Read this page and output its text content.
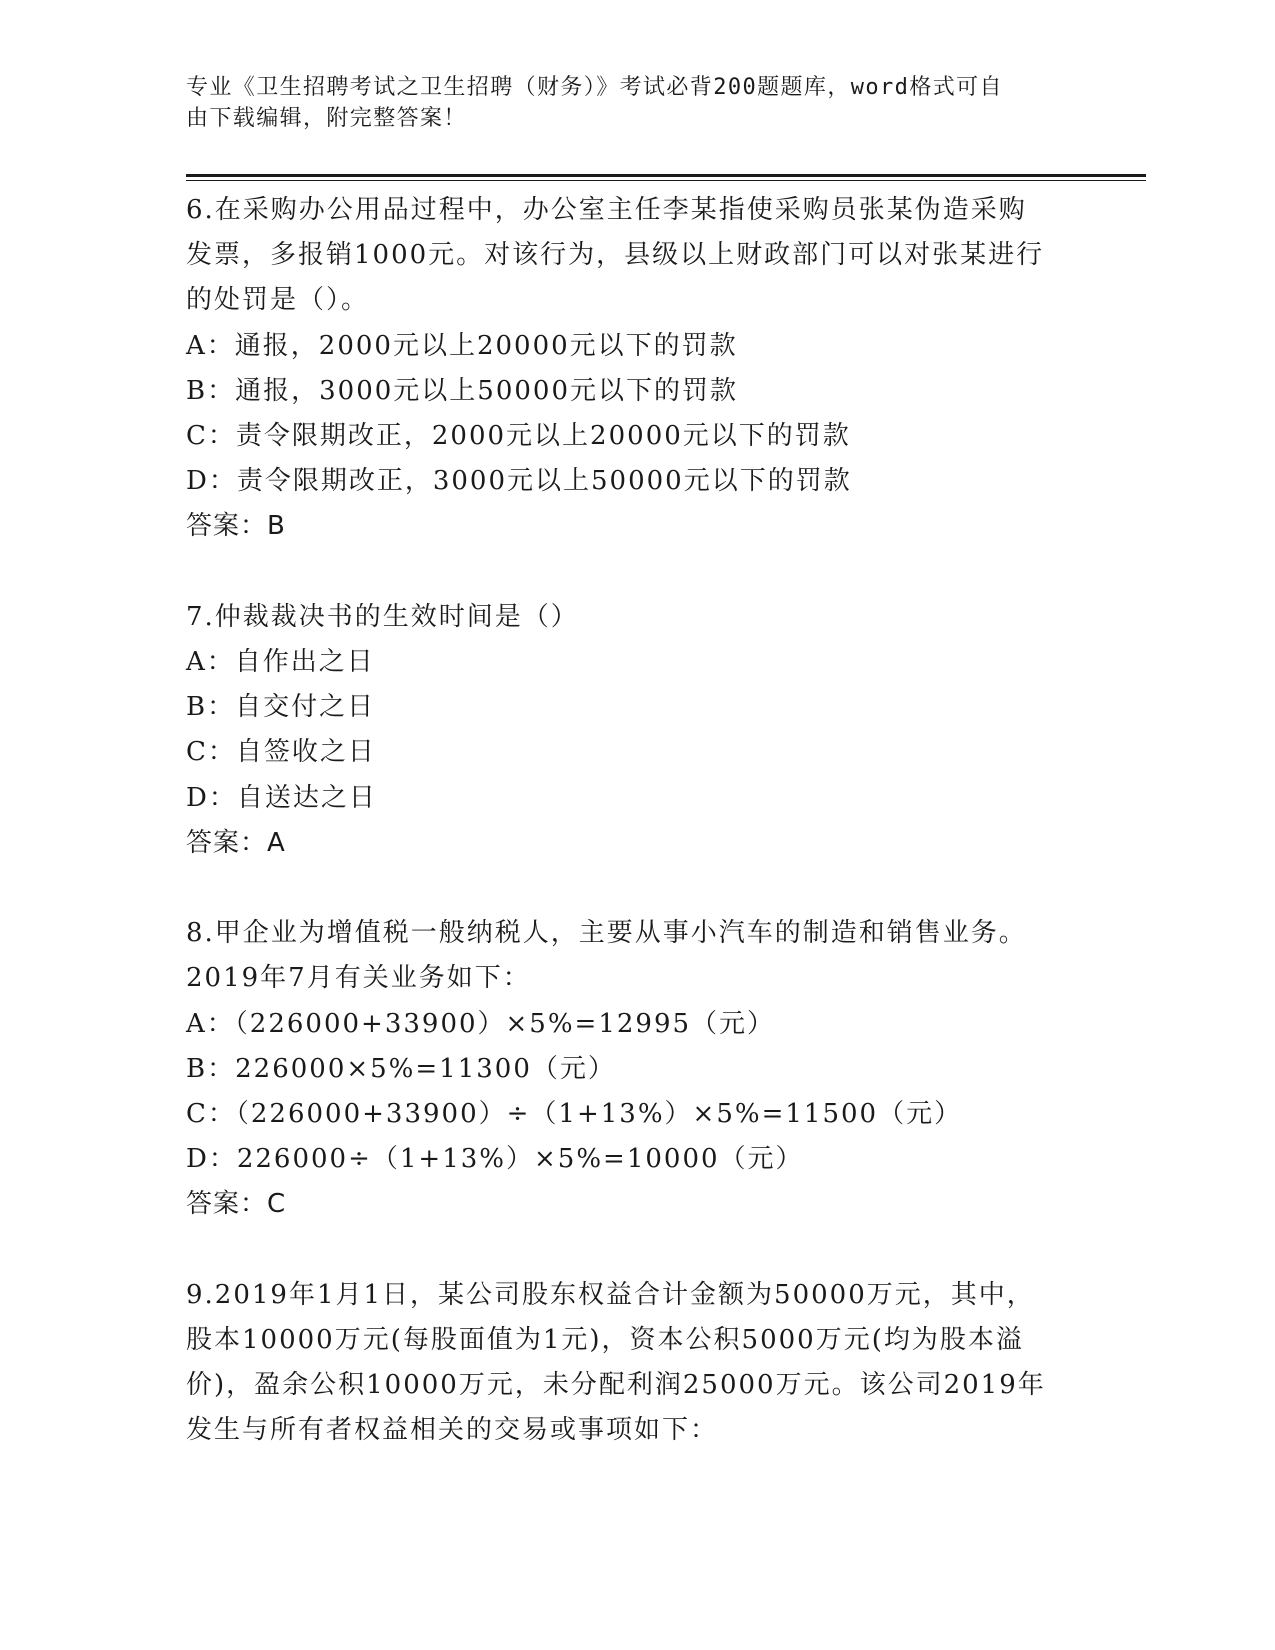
专业《卫生招聘考试之卫生招聘（财务）》考试必背200题题库，word格式可自
由下载编辑，附完整答案！
6.在采购办公用品过程中，办公室主任李某指使采购员张某伪造采购
发票，多报销1000元。对该行为，县级以上财政部门可以对张某进行
的处罚是（）。
A：通报，2000元以上20000元以下的罚款
B：通报，3000元以上50000元以下的罚款
C：责令限期改正，2000元以上20000元以下的罚款
D：责令限期改正，3000元以上50000元以下的罚款
答案：B
7.仲裁裁决书的生效时间是（）
A：自作出之日
B：自交付之日
C：自签收之日
D：自送达之日
答案：A
8.甲企业为增值税一般纳税人，主要从事小汽车的制造和销售业务。
2019年7月有关业务如下：
A：（226000+33900）×5%=12995（元）
B：226000×5%=11300（元）
C：（226000+33900）÷（1+13%）×5%=11500（元）
D：226000÷（1+13%）×5%=10000（元）
答案：C
9.2019年1月1日，某公司股东权益合计金额为50000万元，其中，
股本10000万元(每股面值为1元)，资本公积5000万元(均为股本溢
价)，盈余公积10000万元，未分配利润25000万元。该公司2019年
发生与所有者权益相关的交易或事项如下：
